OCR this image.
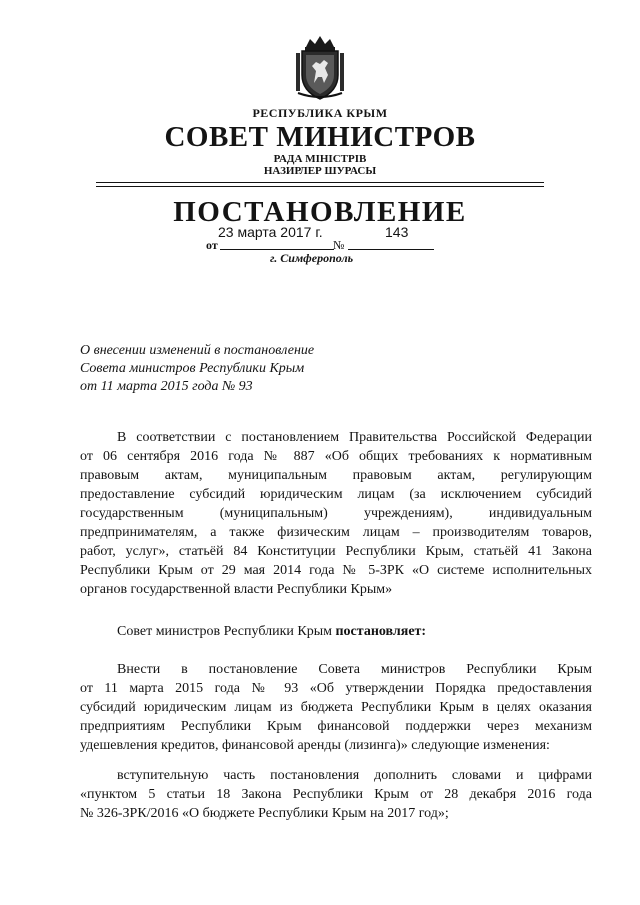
РЕСПУБЛИКА КРЫМ
СОВЕТ МИНИСТРОВ
РАДА МІНІСТРІВ
НАЗИРЛЕР ШУРАСЫ
ПОСТАНОВЛЕНИЕ
от
23 марта 2017 г.
№
143
г. Симферополь
О внесении изменений в постановление
Совета министров Республики Крым
от 11 марта 2015 года № 93
В соответствии с постановлением Правительства Российской Федерации
от 06 сентября 2016 года № 887 «Об общих требованиях к нормативным
правовым актам, муниципальным правовым актам, регулирующим
предоставление субсидий юридическим лицам (за исключением субсидий
государственным (муниципальным) учреждениям), индивидуальным
предпринимателям, а также физическим лицам – производителям товаров,
работ, услуг», статьёй 84 Конституции Республики Крым, статьёй 41 Закона
Республики Крым от 29 мая 2014 года № 5-ЗРК «О системе исполнительных
органов государственной власти Республики Крым»
Совет министров Республики Крым постановляет:
Внести в постановление Совета министров Республики Крым
от 11 марта 2015 года № 93 «Об утверждении Порядка предоставления
субсидий юридическим лицам из бюджета Республики Крым в целях оказания
предприятиям Республики Крым финансовой поддержки через механизм
удешевления кредитов, финансовой аренды (лизинга)» следующие изменения:
вступительную часть постановления дополнить словами и цифрами
«пунктом 5 статьи 18 Закона Республики Крым от 28 декабря 2016 года
№ 326-ЗРК/2016 «О бюджете Республики Крым на 2017 год»;
